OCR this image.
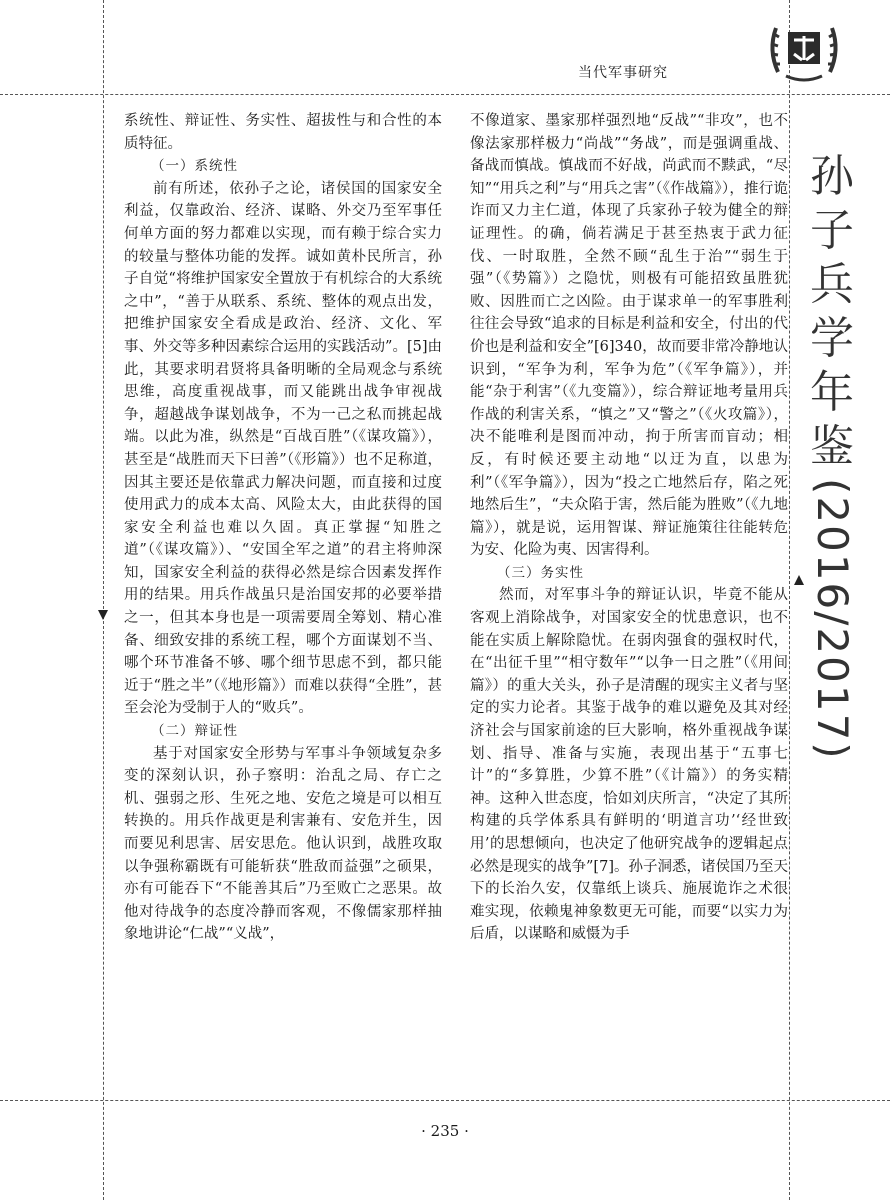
当代军事研究
孙
子
兵
学
年
鉴
(2016/2017)

系统性、辩证性、务实性、超拔性与和合性的本质特征。

（一）系统性

前有所述，依孙子之论，诸侯国的国家安全利益，仅靠政治、经济、谋略、外交乃至军事任何单方面的努力都难以实现，而有赖于综合实力的较量与整体功能的发挥。诚如黄朴民所言，孙子自觉“将维护国家安全置放于有机综合的大系统之中”，“善于从联系、系统、整体的观点出发，把维护国家安全看成是政治、经济、文化、军事、外交等多种因素综合运用的实践活动”。[5]由此，其要求明君贤将具备明晰的全局观念与系统思维，高度重视战事，而又能跳出战争审视战争，超越战争谋划战争，不为一己之私而挑起战端。以此为准，纵然是“百战百胜”（《谋攻篇》），甚至是“战胜而天下曰善”（《形篇》）也不足称道，因其主要还是依靠武力解决问题，而直接和过度使用武力的成本太高、风险太大，由此获得的国家安全利益也难以久固。真正掌握“知胜之道”（《谋攻篇》）、“安国全军之道”的君主将帅深知，国家安全利益的获得必然是综合因素发挥作用的结果。用兵作战虽只是治国安邦的必要举措之一，但其本身也是一项需要周全筹划、精心准备、细致安排的系统工程，哪个方面谋划不当、哪个环节准备不够、哪个细节思虑不到，都只能近于“胜之半”（《地形篇》）而难以获得“全胜”，甚至会沦为受制于人的“败兵”。

（二）辩证性

基于对国家安全形势与军事斗争领域复杂多变的深刻认识，孙子察明：治乱之局、存亡之机、强弱之形、生死之地、安危之境是可以相互转换的。用兵作战更是利害兼有、安危并生，因而要见利思害、居安思危。他认识到，战胜攻取以争强称霸既有可能斩获“胜敌而益强”之硕果，亦有可能吞下“不能善其后”乃至败亡之恶果。故他对待战争的态度冷静而客观，不像儒家那样抽象地讲论“仁战”“义战”，

不像道家、墨家那样强烈地“反战”“非攻”，也不像法家那样极力“尚战”“务战”，而是强调重战、备战而慎战。慎战而不好战，尚武而不黩武，“尽知”“用兵之利”与“用兵之害”（《作战篇》），推行诡诈而又力主仁道，体现了兵家孙子较为健全的辩证理性。的确，倘若满足于甚至热衷于武力征伐、一时取胜，全然不顾“乱生于治”“弱生于强”（《势篇》）之隐忧，则极有可能招致虽胜犹败、因胜而亡之凶险。由于谋求单一的军事胜利往往会导致“追求的目标是利益和安全，付出的代价也是利益和安全”[6]340，故而要非常冷静地认识到，“军争为利，军争为危”（《军争篇》），并能“杂于利害”（《九变篇》），综合辩证地考量用兵作战的利害关系，“慎之”又“警之”（《火攻篇》），决不能唯利是图而冲动，拘于所害而盲动；相反，有时候还要主动地“以迂为直，以患为利”（《军争篇》），因为“投之亡地然后存，陷之死地然后生”，“夫众陷于害，然后能为胜败”（《九地篇》），就是说，运用智谋、辩证施策往往能转危为安、化险为夷、因害得利。

（三）务实性

然而，对军事斗争的辩证认识，毕竟不能从客观上消除战争，对国家安全的忧患意识，也不能在实质上解除隐忧。在弱肉强食的强权时代，在“出征千里”“相守数年”“以争一日之胜”（《用间篇》）的重大关头，孙子是清醒的现实主义者与坚定的实力论者。其鉴于战争的难以避免及其对经济社会与国家前途的巨大影响，格外重视战争谋划、指导、准备与实施，表现出基于“五事七计”的“多算胜，少算不胜”（《计篇》）的务实精神。这种入世态度，恰如刘庆所言，“决定了其所构建的兵学体系具有鲜明的‘明道言功’‘经世致用’的思想倾向，也决定了他研究战争的逻辑起点必然是现实的战争”[7]。孙子洞悉，诸侯国乃至天下的长治久安，仅靠纸上谈兵、施展诡诈之术很难实现，依赖鬼神象数更无可能，而要“以实力为后盾，以谋略和威慑为手

· 235 ·
